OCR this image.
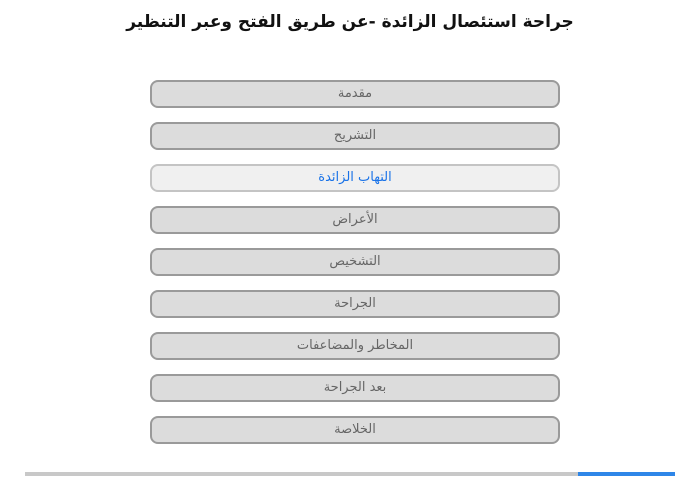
جراحة استئصال الزائدة -عن طريق الفتح وعبر التنظير
مقدمة
التشريح
التهاب الزائدة
الأعراض
التشخيص
الجراحة
المخاطر والمضاعفات
بعد الجراحة
الخلاصة
